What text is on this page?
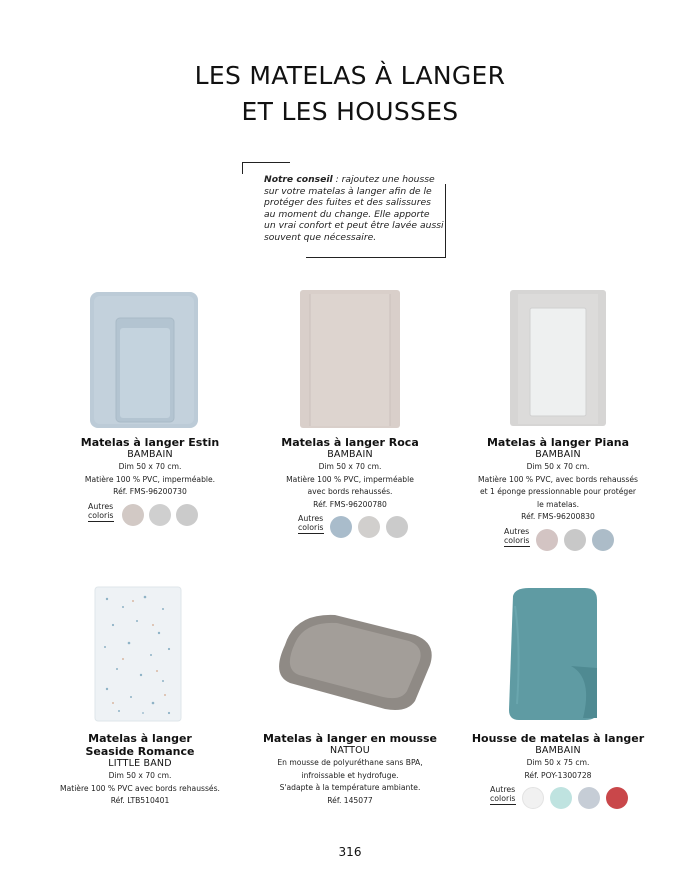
LES MATELAS À LANGER
ET LES HOUSSES
Notre conseil : rajoutez une housse sur votre matelas à langer afin de le protéger des fuites et des salissures au moment du change. Elle apporte un vrai confort et peut être lavée aussi souvent que nécessaire.
Matelas à langer Estin
BAMBAIN
Dim 50 x 70 cm.
Matière 100 % PVC, imperméable.
Réf. FMS-96200730
Autres
coloris
Matelas à langer Roca
BAMBAIN
Dim 50 x 70 cm.
Matière 100 % PVC, imperméable
avec bords rehaussés.
Réf. FMS-96200780
Autres
coloris
Matelas à langer Piana
BAMBAIN
Dim 50 x 70 cm.
Matière 100 % PVC, avec bords rehaussés
et 1 éponge pressionnable pour protéger
le matelas.
Réf. FMS-96200830
Autres
coloris
Matelas à langer
Seaside Romance
LITTLE BAND
Dim 50 x 70 cm.
Matière 100 % PVC avec bords rehaussés.
Réf. LTB510401
Matelas à langer en mousse
NATTOU
En mousse de polyuréthane sans BPA,
infroissable et hydrofuge.
S'adapte à la température ambiante.
Réf. 145077
Housse de matelas à langer
BAMBAIN
Dim 50 x 75 cm.
Réf. POY-1300728
Autres
coloris
316
